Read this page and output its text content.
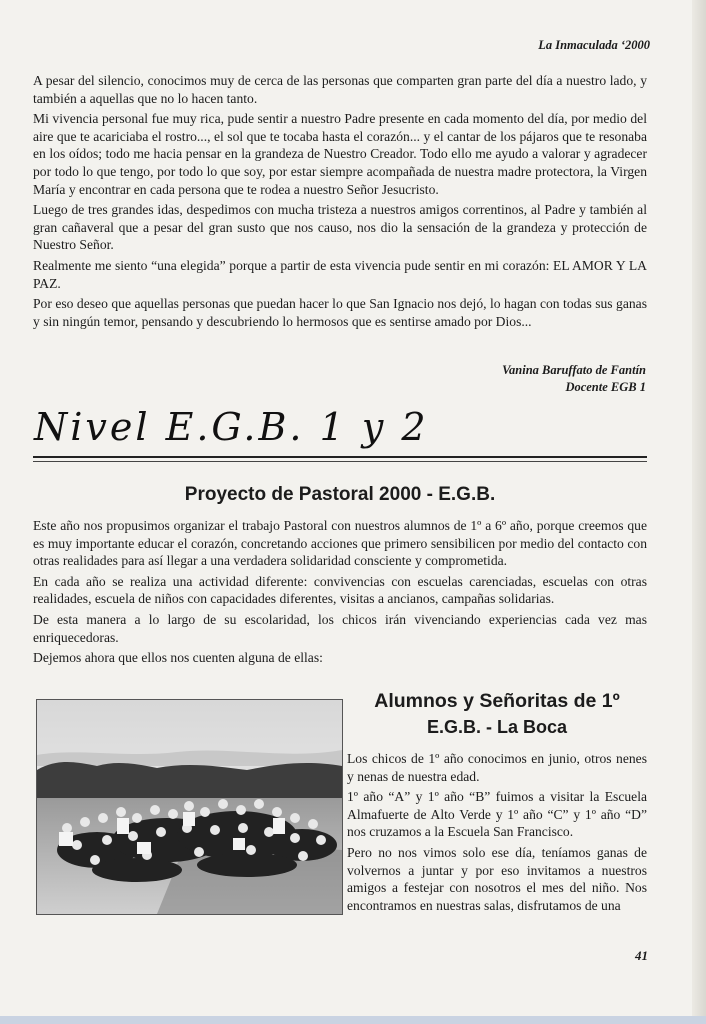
La Inmaculada ‘2000

A pesar del silencio, conocimos muy de cerca de las personas que comparten gran parte del día a nuestro lado, y también a aquellas que no lo hacen tanto.

Mi vivencia personal fue muy rica, pude sentir a nuestro Padre presente en cada momento del día, por medio del aire que te acariciaba el rostro..., el sol que te tocaba hasta el corazón... y el cantar de los pájaros que te resonaba en los oídos; todo me hacia pensar en la grandeza de Nuestro Creador. Todo ello me ayudo a valorar y agradecer por todo lo que tengo, por todo lo que soy, por estar siempre acompañada de nuestra madre protectora, la Virgen María y encontrar en cada persona que te rodea a nuestro Señor Jesucristo.

Luego de tres grandes idas, despedimos con mucha tristeza a nuestros amigos correntinos, al Padre y también al gran cañaveral que a pesar del gran susto que nos causo, nos dio la sensación de la grandeza y protección de Nuestro Señor.

Realmente me siento “una elegida” porque a partir de esta vivencia pude sentir en mi corazón: EL AMOR Y LA PAZ.

Por eso deseo que aquellas personas que puedan hacer lo que San Ignacio nos dejó, lo hagan con todas sus ganas y sin ningún temor, pensando y descubriendo lo hermosos que es sentirse amado por Dios...

Vanina Baruffato de Fantín
Docente EGB 1
Nivel E.G.B. 1 y 2
Proyecto de Pastoral 2000 - E.G.B.

Este año nos propusimos organizar el trabajo Pastoral con nuestros alumnos de 1º a 6º año, porque creemos que es muy importante educar el corazón, concretando acciones que primero sensibilicen por medio del contacto con otras realidades para así llegar a una verdadera solidaridad consciente y comprometida.

En cada año se realiza una actividad diferente: convivencias con escuelas carenciadas, escuelas con otras realidades, escuela de niños con capacidades diferentes, visitas a ancianos, campañas solidarias.

De esta manera a lo largo de su escolaridad, los chicos irán vivenciando experiencias cada vez mas enriquecedoras.

Dejemos ahora que ellos nos cuenten alguna de ellas:

Alumnos y Señoritas de 1º
E.G.B. - La Boca

Los chicos de 1º año conocimos en junio, otros nenes y nenas de nuestra edad.

1º año “A” y 1º año “B” fuimos a visitar la Escuela Almafuerte de Alto Verde y 1º año “C” y 1º año “D” nos cruzamos a la Escuela San Francisco.

Pero no nos vimos solo ese día, teníamos ganas de volvernos a juntar y por eso invitamos a nuestros amigos a festejar con nosotros el mes del niño. Nos encontramos en nuestras salas, disfrutamos de una

41
